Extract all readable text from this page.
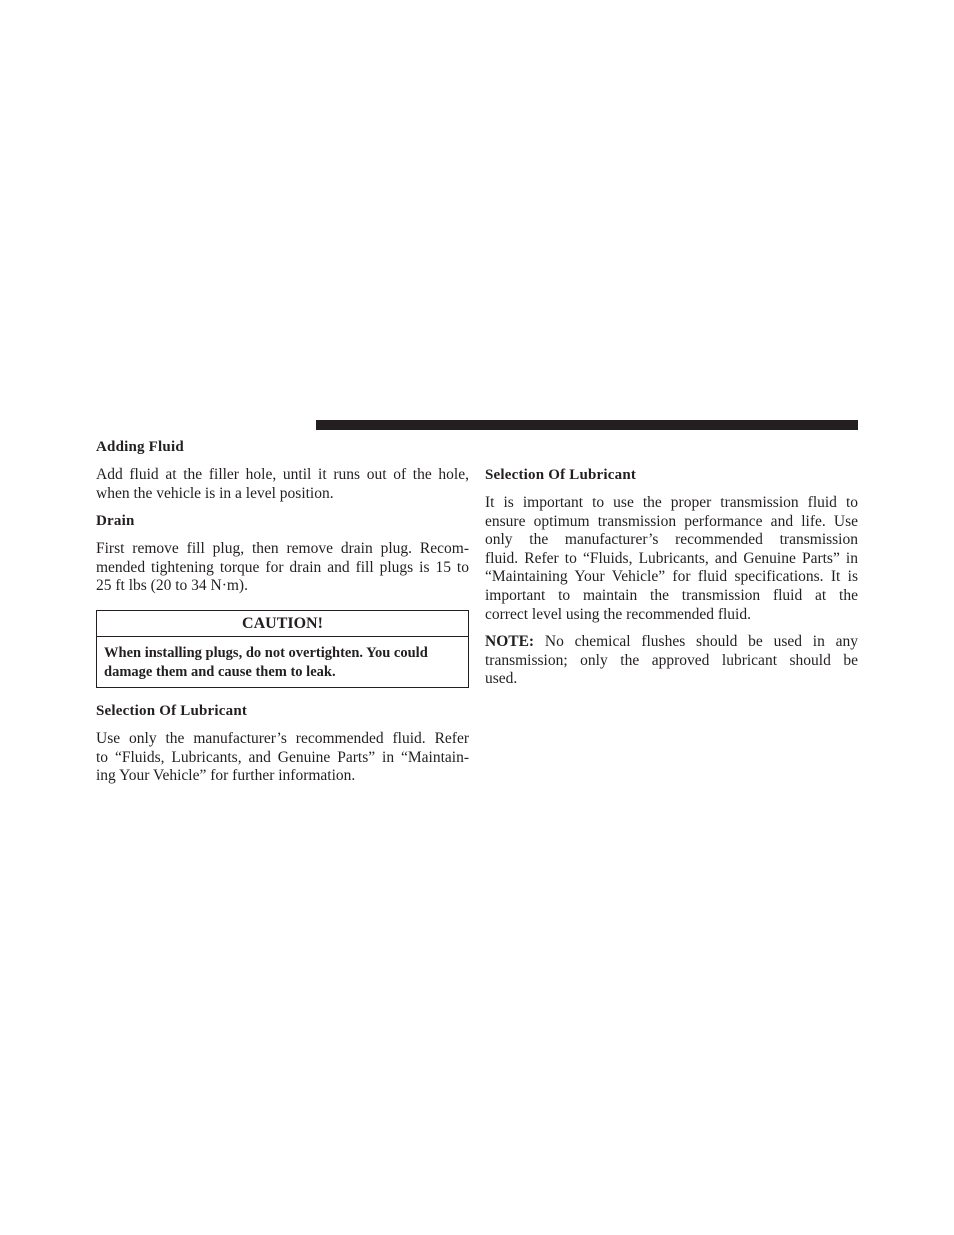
Adding Fluid
Add fluid at the filler hole, until it runs out of the hole,
when the vehicle is in a level position.
Drain
First remove fill plug, then remove drain plug. Recom-
mended tightening torque for drain and fill plugs is 15 to
25 ft lbs (20 to 34 N·m).
CAUTION!
When installing plugs, do not overtighten. You could
damage them and cause them to leak.
Selection Of Lubricant
Use only the manufacturer’s recommended fluid. Refer
to “Fluids, Lubricants, and Genuine Parts” in “Maintain-
ing Your Vehicle” for further information.
Selection Of Lubricant
It is important to use the proper transmission fluid to
ensure optimum transmission performance and life. Use
only the manufacturer’s recommended transmission
fluid. Refer to “Fluids, Lubricants, and Genuine Parts” in
“Maintaining Your Vehicle” for fluid specifications. It is
important to maintain the transmission fluid at the
correct level using the recommended fluid.
NOTE: No chemical flushes should be used in any
transmission; only the approved lubricant should be
used.
